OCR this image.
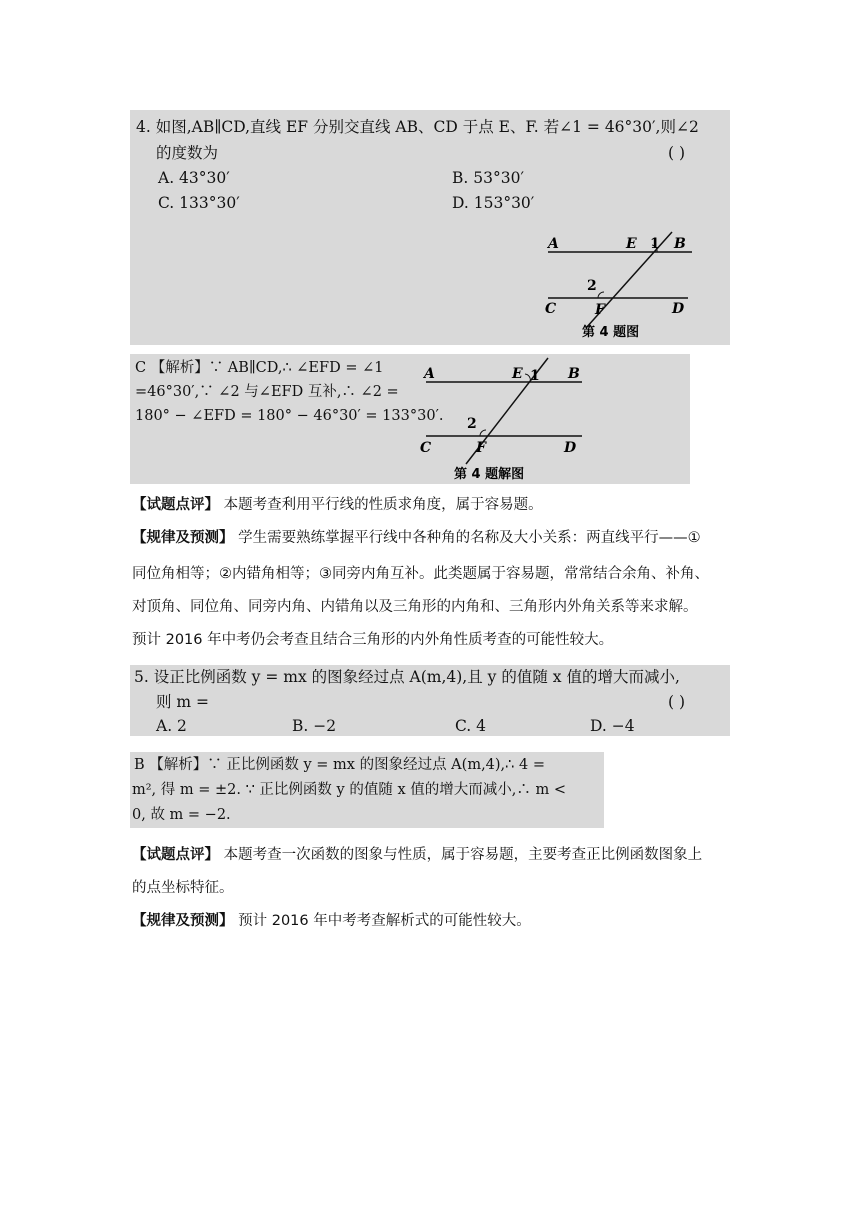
4. 如图,AB∥CD,直线 EF 分别交直线 AB、CD 于点 E、F. 若∠1 = 46°30′,则∠2
的度数为	( )
A. 43°30′	B. 53°30′
C. 133°30′	D. 153°30′
A	E 1 B
2
C	F	D
第 4 题图
C 【解析】∵ AB∥CD,∴ ∠EFD = ∠1
=46°30′,∵ ∠2 与∠EFD 互补,∴ ∠2 =
180° − ∠EFD = 180° − 46°30′ = 133°30′.
A	E 1 B
2
C	F	D
第 4 题解图
【试题点评】 本题考查利用平行线的性质求角度，属于容易题。
【规律及预测】 学生需要熟练掌握平行线中各种角的名称及大小关系：两直线平行——①
同位角相等；②内错角相等；③同旁内角互补。此类题属于容易题，常常结合余角、补角、
对顶角、同位角、同旁内角、内错角以及三角形的内角和、三角形内外角关系等来求解。
预计 2016 年中考仍会考查且结合三角形的内外角性质考查的可能性较大。
5. 设正比例函数 y = mx 的图象经过点 A(m,4),且 y 的值随 x 值的增大而减小,
则 m =	( )
A. 2	B. −2	C. 4	D. −4
B 【解析】∵ 正比例函数 y = mx 的图象经过点 A(m,4),∴ 4 =
m², 得 m = ±2. ∵ 正比例函数 y 的值随 x 值的增大而减小,∴ m <
0, 故 m = −2.
【试题点评】 本题考查一次函数的图象与性质，属于容易题，主要考查正比例函数图象上
的点坐标特征。
【规律及预测】 预计 2016 年中考考查解析式的可能性较大。
